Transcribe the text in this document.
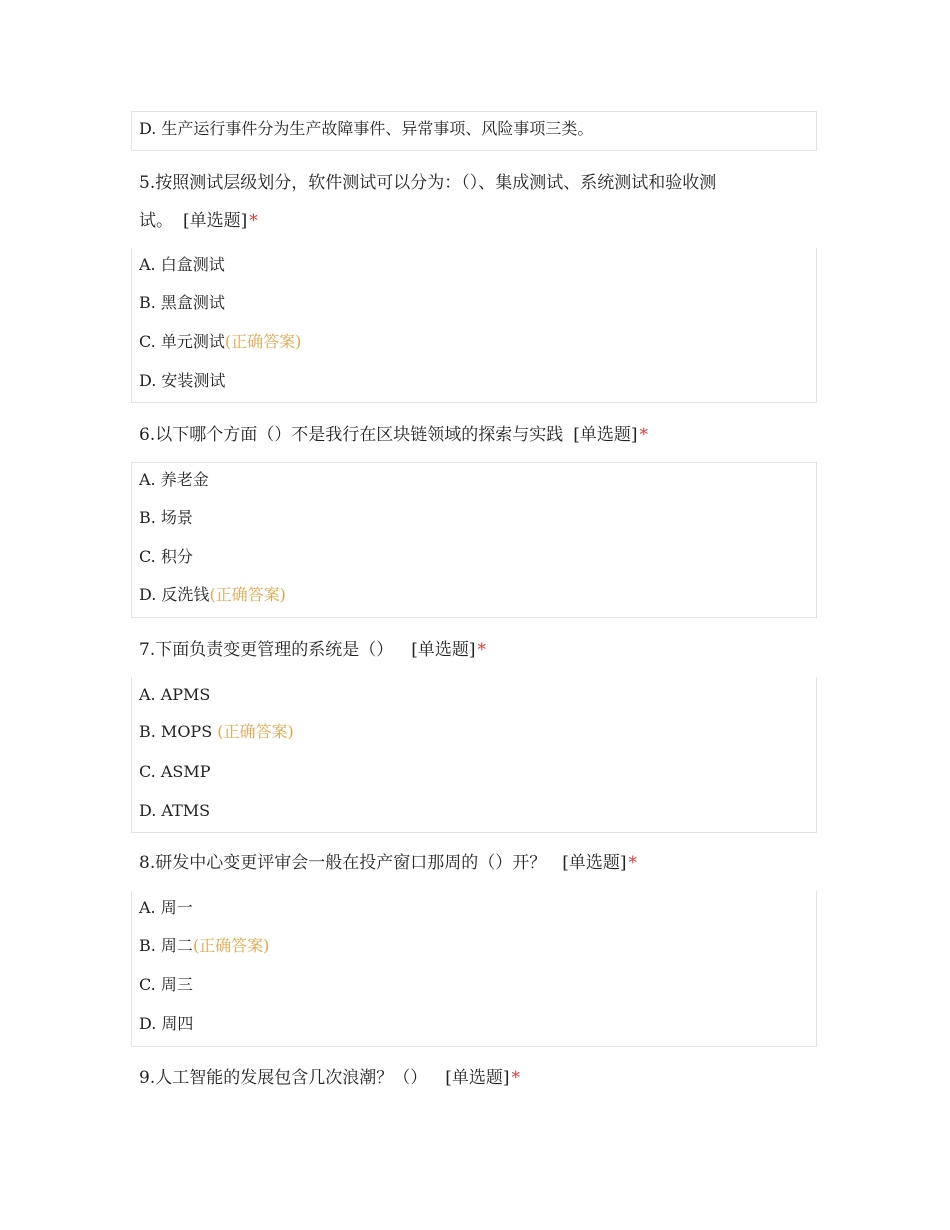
D. 生产运行事件分为生产故障事件、异常事项、风险事项三类。
5.按照测试层级划分，软件测试可以分为：（）、集成测试、系统测试和验收测
试。 [单选题] *
A. 白盒测试
B. 黑盒测试
C. 单元测试(正确答案)
D. 安装测试
6.以下哪个方面（）不是我行在区块链领域的探索与实践 [单选题] *
A. 养老金
B. 场景
C. 积分
D. 反洗钱(正确答案)
7.下面负责变更管理的系统是（） [单选题] *
A. APMS
B. MOPS (正确答案)
C. ASMP
D. ATMS
8.研发中心变更评审会一般在投产窗口那周的（）开？ [单选题] *
A. 周一
B. 周二(正确答案)
C. 周三
D. 周四
9.人工智能的发展包含几次浪潮？（） [单选题] *
